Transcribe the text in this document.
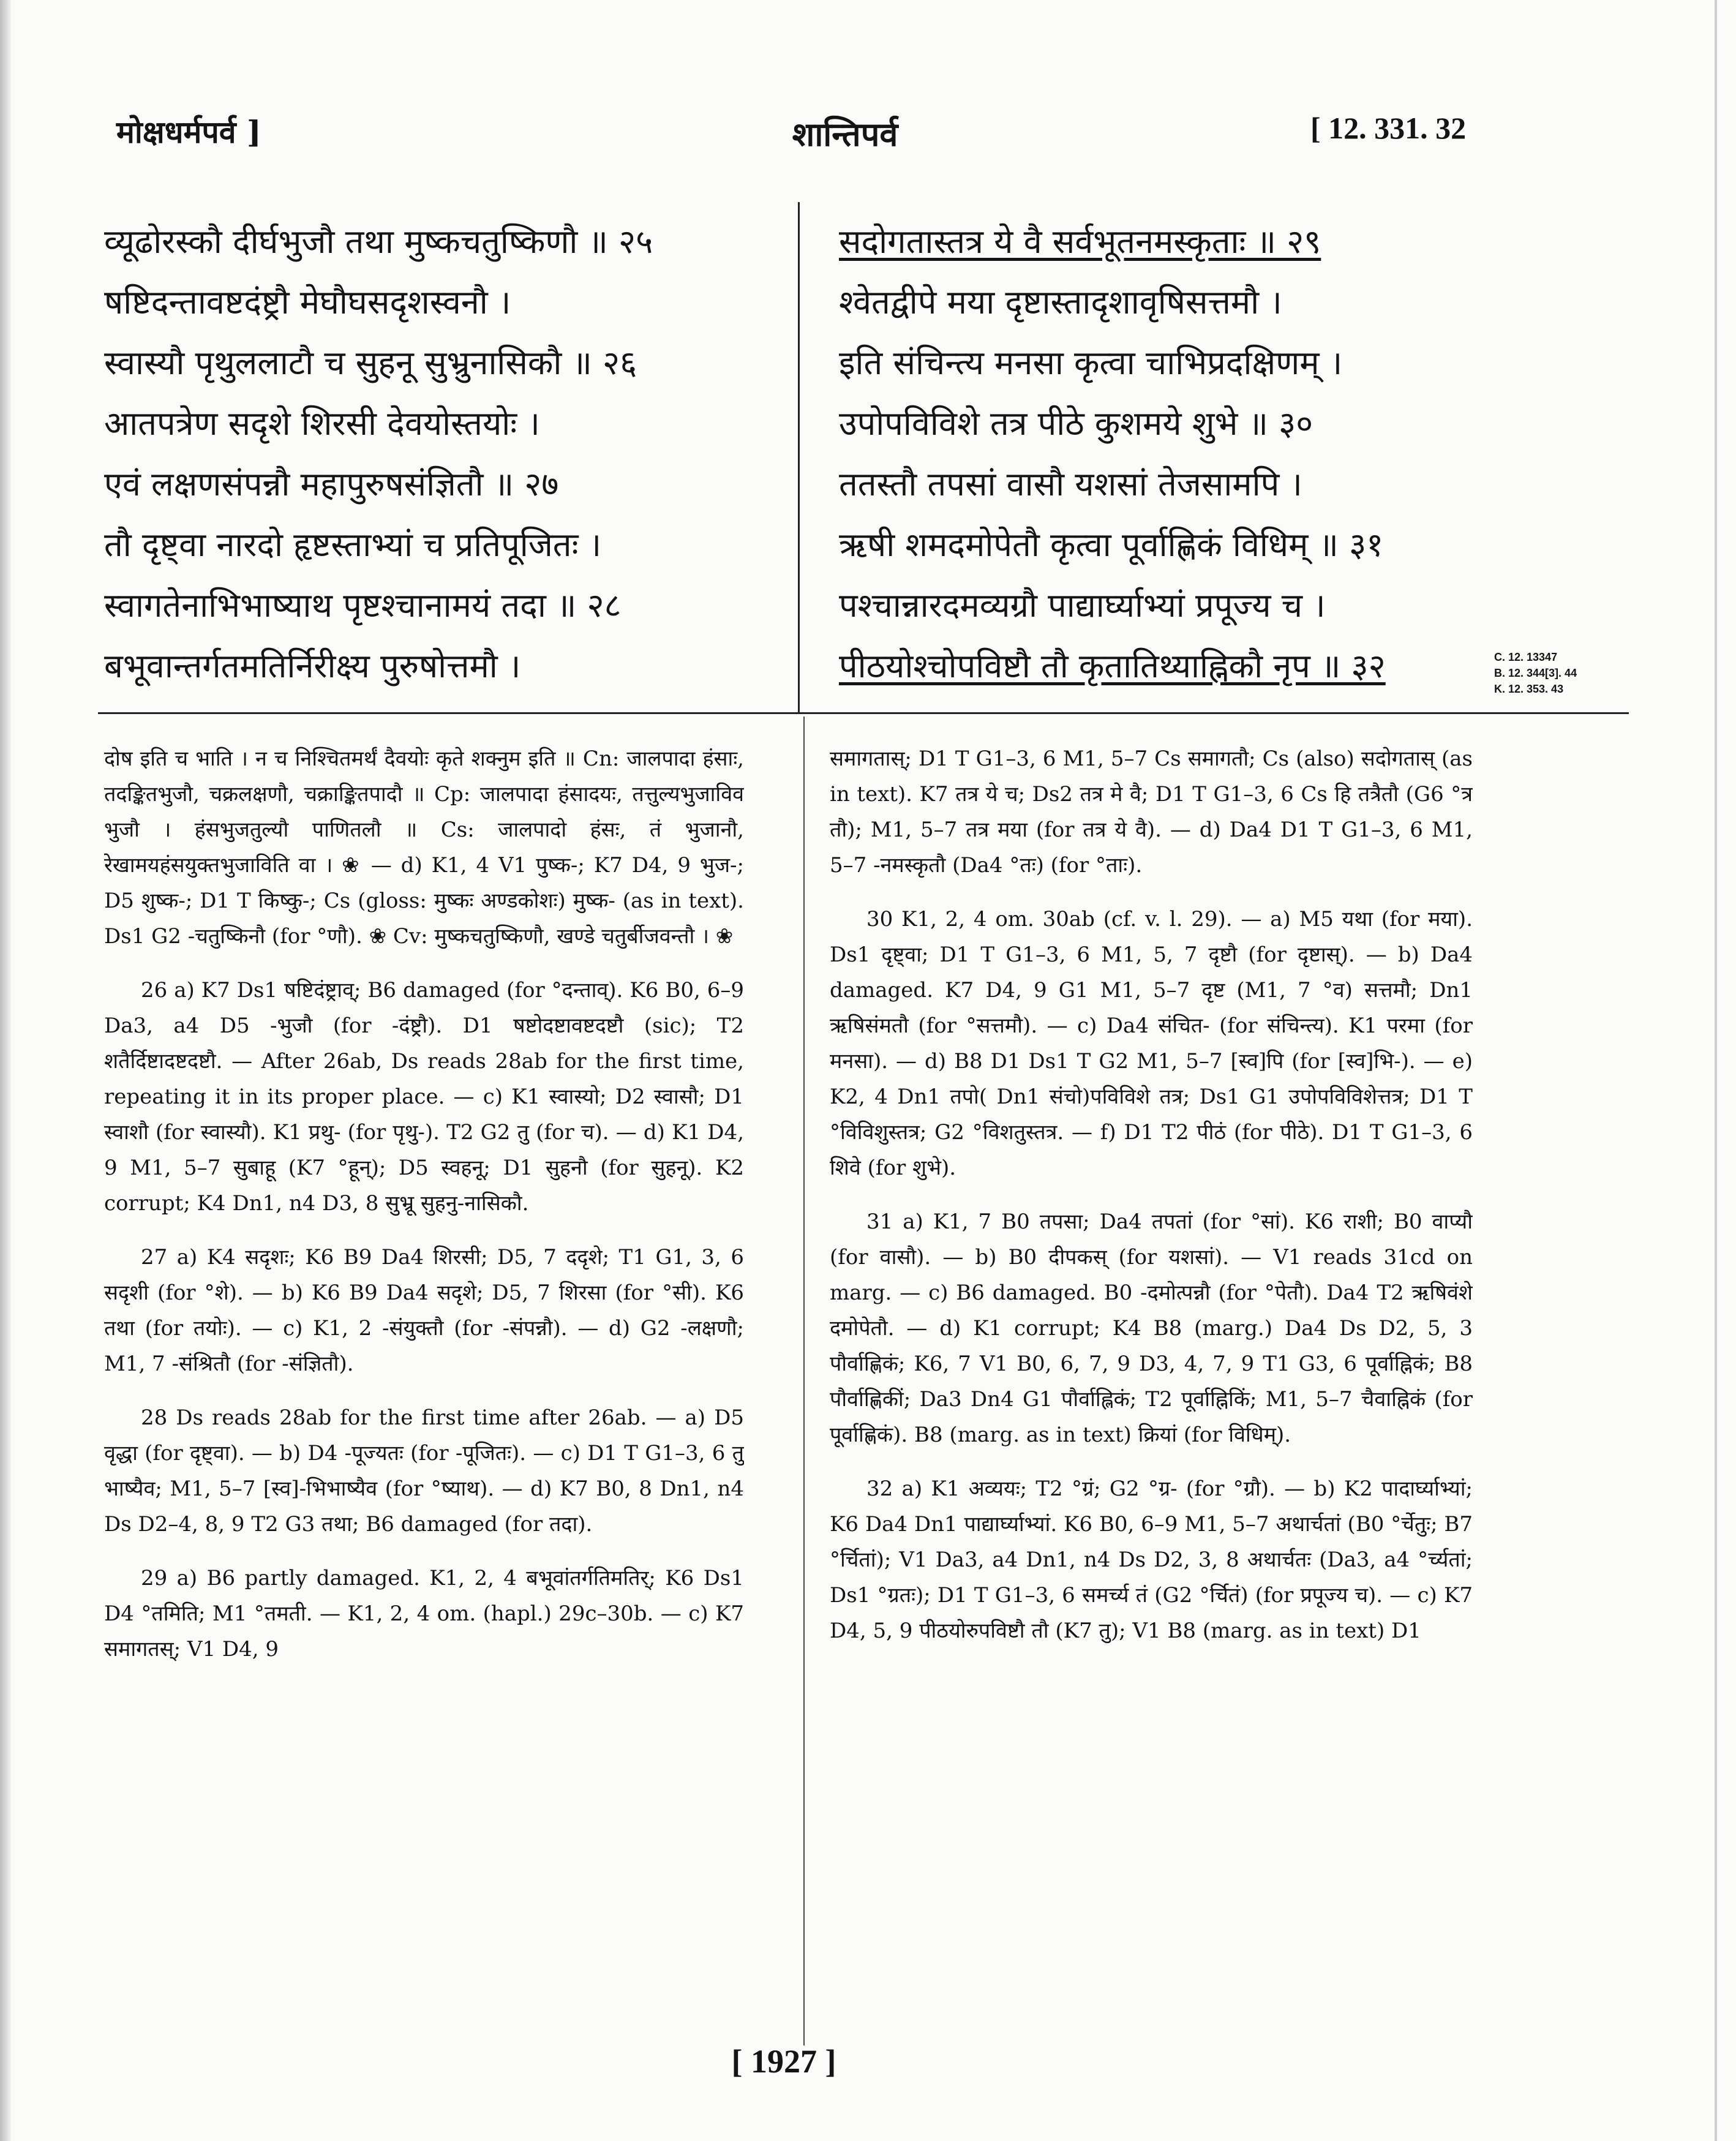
मोक्षधर्मपर्व ]	शान्तिपर्व	[ 12. 331. 32
व्यूढोरस्कौ दीर्घभुजौ तथा मुष्कचतुष्किणौ ॥ २५
षष्टिदन्तावष्टदंष्ट्रौ मेघौघसदृशस्वनौ ।
स्वास्यौ पृथुललाटौ च सुहनू सुभ्रुनासिकौ ॥ २६
आतपत्रेण सदृशे शिरसी देवयोस्तयोः ।
एवं लक्षणसंपन्नौ महापुरुषसंज्ञितौ ॥ २७
तौ दृष्ट्वा नारदो हृष्टस्ताभ्यां च प्रतिपूजितः ।
स्वागतेनाभिभाष्याथ पृष्टश्चानामयं तदा ॥ २८
बभूवान्तर्गतमतिर्निरीक्ष्य पुरुषोत्तमौ ।
सदोगतास्तत्र ये वै सर्वभूतनमस्कृताः ॥ २९
श्वेतद्वीपे मया दृष्टास्तादृशावृषिसत्तमौ ।
इति संचिन्त्य मनसा कृत्वा चाभिप्रदक्षिणम् ।
उपोपविविशे तत्र पीठे कुशमये शुभे ॥ ३०
ततस्तौ तपसां वासौ यशसां तेजसामपि ।
ऋषी शमदमोपेतौ कृत्वा पूर्वाह्णिकं विधिम् ॥ ३१
पश्चान्नारदमव्यग्रौ पाद्यार्घ्याभ्यां प्रपूज्य च ।
पीठयोश्चोपविष्टौ तौ कृतातिथ्याह्निकौ नृप ॥ ३२	C. 12. 13347
B. 12. 344[3]. 44
K. 12. 353. 43

दोष इति च भाति । न च निश्चितमर्थं दैवयोः कृते शक्नुम इति ॥ Cn: जालपादा हंसाः, तदङ्कितभुजौ, चक्रलक्षणौ, चक्राङ्कितपादौ ॥ Cp: जालपादा हंसादयः, तत्तुल्यभुजाविव भुजौ । हंसभुजतुल्यौ पाणितलौ ॥ Cs: जालपादो हंसः, तं भुजानौ, रेखामयहंसयुक्तभुजाविति वा । ❀ — d) K1, 4 V1 पुष्क-; K7 D4, 9 भुज-; D5 शुष्क-; D1 T किष्कु-; Cs (gloss: मुष्कः अण्डकोशः) मुष्क- (as in text). Ds1 G2 -चतुष्किनौ (for °णौ). ❀ Cv: मुष्कचतुष्किणौ, खण्डे चतुर्बीजवन्तौ । ❀

26 a) K7 Ds1 षष्टिदंष्ट्राव्; B6 damaged (for °दन्ताव्). K6 B0, 6–9 Da3, a4 D5 -भुजौ (for -दंष्ट्रौ). D1 षष्टोदष्टावष्टदष्टौ (sic); T2 शतैर्दिष्टादष्टदष्टौ. — After 26ab, Ds reads 28ab for the first time, repeating it in its proper place. — c) K1 स्वास्यो; D2 स्वासौ; D1 स्वाशौ (for स्वास्यौ). K1 प्रथु- (for पृथु-). T2 G2 तु (for च). — d) K1 D4, 9 M1, 5–7 सुबाहू (K7 °हून्); D5 स्वहनू; D1 सुहनौ (for सुहनू). K2 corrupt; K4 Dn1, n4 D3, 8 सुभ्रू सुहनु-नासिकौ.

27 a) K4 सदृशः; K6 B9 Da4 शिरसी; D5, 7 ददृशे; T1 G1, 3, 6 सदृशी (for °शे). — b) K6 B9 Da4 सदृशे; D5, 7 शिरसा (for °सी). K6 तथा (for तयोः). — c) K1, 2 -संयुक्तौ (for -संपन्नौ). — d) G2 -लक्षणौ; M1, 7 -संश्रितौ (for -संज्ञितौ).

28 Ds reads 28ab for the first time after 26ab. — a) D5 वृद्धा (for दृष्ट्वा). — b) D4 -पूज्यतः (for -पूजितः). — c) D1 T G1–3, 6 तु भाष्यैव; M1, 5–7 [स्व]-भिभाष्यैव (for °ष्याथ). — d) K7 B0, 8 Dn1, n4 Ds D2–4, 8, 9 T2 G3 तथा; B6 damaged (for तदा).

29 a) B6 partly damaged. K1, 2, 4 बभूवांतर्गतिमतिर्; K6 Ds1 D4 °तमिति; M1 °तमती. — K1, 2, 4 om. (hapl.) 29c–30b. — c) K7 समागतस्; V1 D4, 9

समागतास्; D1 T G1–3, 6 M1, 5–7 Cs समागतौ; Cs (also) सदोगतास् (as in text). K7 तत्र ये च; Ds2 तत्र मे वै; D1 T G1–3, 6 Cs हि तत्रैतौ (G6 °त्र तौ); M1, 5–7 तत्र मया (for तत्र ये वै). — d) Da4 D1 T G1–3, 6 M1, 5–7 -नमस्कृतौ (Da4 °तः) (for °ताः).

30 K1, 2, 4 om. 30ab (cf. v. l. 29). — a) M5 यथा (for मया). Ds1 दृष्ट्वा; D1 T G1–3, 6 M1, 5, 7 दृष्टौ (for दृष्टास्). — b) Da4 damaged. K7 D4, 9 G1 M1, 5–7 दृष्ट (M1, 7 °व) सत्तमौ; Dn1 ऋषिसंमतौ (for °सत्तमौ). — c) Da4 संचित- (for संचिन्त्य). K1 परमा (for मनसा). — d) B8 D1 Ds1 T G2 M1, 5–7 [स्व]पि (for [स्व]भि-). — e) K2, 4 Dn1 तपो( Dn1 संचो)पविविशे तत्र; Ds1 G1 उपोपविविशेत्तत्र; D1 T °विविशुस्तत्र; G2 °विशतुस्तत्र. — f) D1 T2 पीठं (for पीठे). D1 T G1–3, 6 शिवे (for शुभे).

31 a) K1, 7 B0 तपसा; Da4 तपतां (for °सां). K6 राशी; B0 वाप्यौ (for वासौ). — b) B0 दीपकस् (for यशसां). — V1 reads 31cd on marg. — c) B6 damaged. B0 -दमोत्पन्नौ (for °पेतौ). Da4 T2 ऋषिवंशे दमोपेतौ. — d) K1 corrupt; K4 B8 (marg.) Da4 Ds D2, 5, 3 पौर्वाह्णिकं; K6, 7 V1 B0, 6, 7, 9 D3, 4, 7, 9 T1 G3, 6 पूर्वाह्निकं; B8 पौर्वाह्णिकीं; Da3 Dn4 G1 पौर्वाह्लिकं; T2 पूर्वाह्निकिं; M1, 5–7 चैवाह्निकं (for पूर्वाह्णिकं). B8 (marg. as in text) क्रियां (for विधिम्).

32 a) K1 अव्ययः; T2 °ग्रं; G2 °ग्र- (for °ग्रौ). — b) K2 पादार्घ्याभ्यां; K6 Da4 Dn1 पाद्यार्घ्याभ्यां. K6 B0, 6–9 M1, 5–7 अथार्चतां (B0 °र्चेतुः; B7 °र्चितां); V1 Da3, a4 Dn1, n4 Ds D2, 3, 8 अथार्चतः (Da3, a4 °र्च्यतां; Ds1 °ग्रतः); D1 T G1–3, 6 समर्च्य तं (G2 °र्चितं) (for प्रपूज्य च). — c) K7 D4, 5, 9 पीठयोरुपविष्टौ तौ (K7 तु); V1 B8 (marg. as in text) D1

[ 1927 ]
